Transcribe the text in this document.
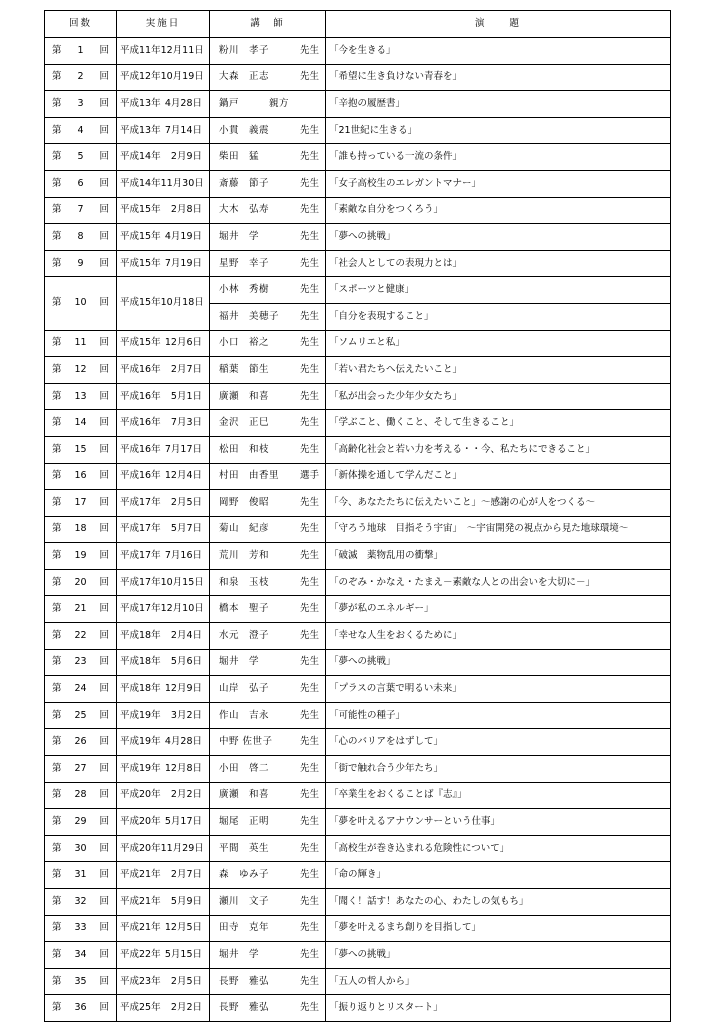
回数	実施日	講　師	演　　題

第 1 回	平成11年 12月11日	粉川　孝子 先生	「今を生きる」

第 2 回	平成12年 10月19日	大森　正志 先生	「希望に生き負けない青春を」

第 3 回	平成13年 4月28日	鍋戸　　　親方	「辛抱の履歴書」

第 4 回	平成13年 7月14日	小貫　義震 先生	「21世紀に生きる」

第 5 回	平成14年 2月9日	柴田　猛 先生	「誰も持っている一流の条件」

第 6 回	平成14年 11月30日	斎藤　節子 先生	「女子高校生のエレガントマナー」

第 7 回	平成15年 2月8日	大木　弘寿 先生	「素敵な自分をつくろう」

第 8 回	平成15年 4月19日	堀井　学 先生	「夢への挑戦」

第 9 回	平成15年 7月19日	星野　幸子 先生	「社会人としての表現力とは」

第 10 回	平成15年 10月18日	小林　秀樹 先生	「スポーツと健康」

		福井　美穂子 先生	「自分を表現すること」

第 11 回	平成15年 12月6日	小口　裕之 先生	「ソムリエと私」

第 12 回	平成16年 2月7日	稲葉　節生 先生	「若い君たちへ伝えたいこと」

第 13 回	平成16年 5月1日	廣瀬　和喜 先生	「私が出会った少年少女たち」

第 14 回	平成16年 7月3日	金沢　正巳 先生	「学ぶこと、働くこと、そして生きること」

第 15 回	平成16年 7月17日	松田　和枝 先生	「高齢化社会と若い力を考える・・今、私たちにできること」

第 16 回	平成16年 12月4日	村田　由香里 選手	「新体操を通して学んだこと」

第 17 回	平成17年 2月5日	岡野　俊昭 先生	「今、あなたたちに伝えたいこと」～感謝の心が人をつくる～

第 18 回	平成17年 5月7日	菊山　紀彦 先生	「守ろう地球　目指そう宇宙」　～宇宙開発の視点から見た地球環境～

第 19 回	平成17年 7月16日	荒川　芳和 先生	「破滅　薬物乱用の衝撃」

第 20 回	平成17年 10月15日	和泉　玉枝 先生	「のぞみ・かなえ・たまえ－素敵な人との出会いを大切に－」

第 21 回	平成17年 12月10日	橋本　聖子 先生	「夢が私のエネルギー」

第 22 回	平成18年 2月4日	水元　澄子 先生	「幸せな人生をおくるために」

第 23 回	平成18年 5月6日	堀井　学 先生	「夢への挑戦」

第 24 回	平成18年 12月9日	山岸　弘子 先生	「プラスの言葉で明るい未来」

第 25 回	平成19年 3月2日	作山　吉永 先生	「可能性の種子」

第 26 回	平成19年 4月28日	中野 佐世子 先生	「心のバリアをはずして」

第 27 回	平成19年 12月8日	小田　啓二 先生	「街で触れ合う少年たち」

第 28 回	平成20年 2月2日	廣瀬　和喜 先生	「卒業生をおくることば『志』」

第 29 回	平成20年 5月17日	堀尾　正明 先生	「夢を叶えるアナウンサーという仕事」

第 30 回	平成20年 11月29日	平間　英生 先生	「高校生が巻き込まれる危険性について」

第 31 回	平成21年 2月7日	森　ゆみ子 先生	「命の輝き」

第 32 回	平成21年 5月9日	瀬川　文子 先生	「聞く！話す！あなたの心、わたしの気もち」

第 33 回	平成21年 12月5日	田寺　克年 先生	「夢を叶えるまち創りを目指して」

第 34 回	平成22年 5月15日	堀井　学 先生	「夢への挑戦」

第 35 回	平成23年 2月5日	長野　雅弘 先生	「五人の哲人から」

第 36 回	平成25年 2月2日	長野　雅弘 先生	「振り返りとリスタート」
